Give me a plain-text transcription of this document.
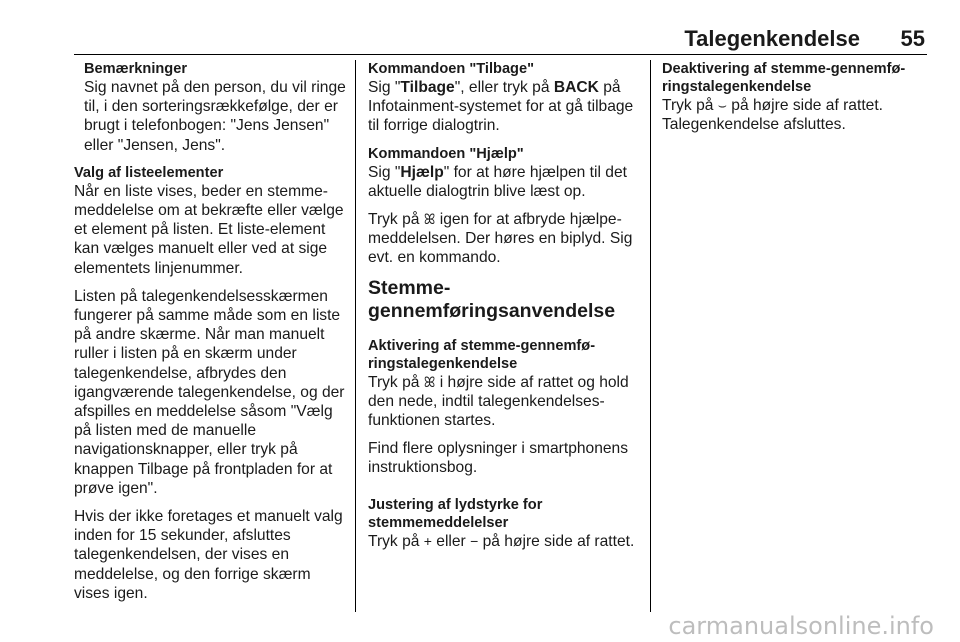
Talegenkendelse 55
Bemærkninger
Sig navnet på den person, du vil ringe til, i den sorteringsrækkefølge, der er brugt i telefonbogen: "Jens Jensen" eller "Jensen, Jens".
Valg af listeelementer
Når en liste vises, beder en stemme-meddelelse om at bekræfte eller vælge et element på listen. Et liste-element kan vælges manuelt eller ved at sige elementets linjenummer.
Listen på talegenkendelsesskærmen fungerer på samme måde som en liste på andre skærme. Når man manuelt ruller i listen på en skærm under talegenkendelse, afbrydes den igangværende talegenkendelse, og der afspilles en meddelelse såsom "Vælg på listen med de manuelle navigationsknapper, eller tryk på knappen Tilbage på frontpladen for at prøve igen".
Hvis der ikke foretages et manuelt valg inden for 15 sekunder, afsluttes talegenkendelsen, der vises en meddelelse, og den forrige skærm vises igen.
Kommandoen "Tilbage"
Sig "Tilbage", eller tryk på BACK på Infotainment-systemet for at gå tilbage til forrige dialogtrin.
Kommandoen "Hjælp"
Sig "Hjælp" for at høre hjælpen til det aktuelle dialogtrin blive læst op.
Tryk på ꕤ igen for at afbryde hjælpe-meddelelsen. Der høres en biplyd. Sig evt. en kommando.
Stemme-gennemføringsanvendelse
Aktivering af stemme-gennemfø-ringstalegenkendelse
Tryk på ꕤ i højre side af rattet og hold den nede, indtil talegenkendelses-funktionen startes.
Find flere oplysninger i smartphonens instruktionsbog.
Justering af lydstyrke for stemmemeddelelser
Tryk på + eller − på højre side af rattet.
Deaktivering af stemme-gennemfø-ringstalegenkendelse
Tryk på ⌣ på højre side af rattet. Talegenkendelse afsluttes.
carmanualsonline.info
